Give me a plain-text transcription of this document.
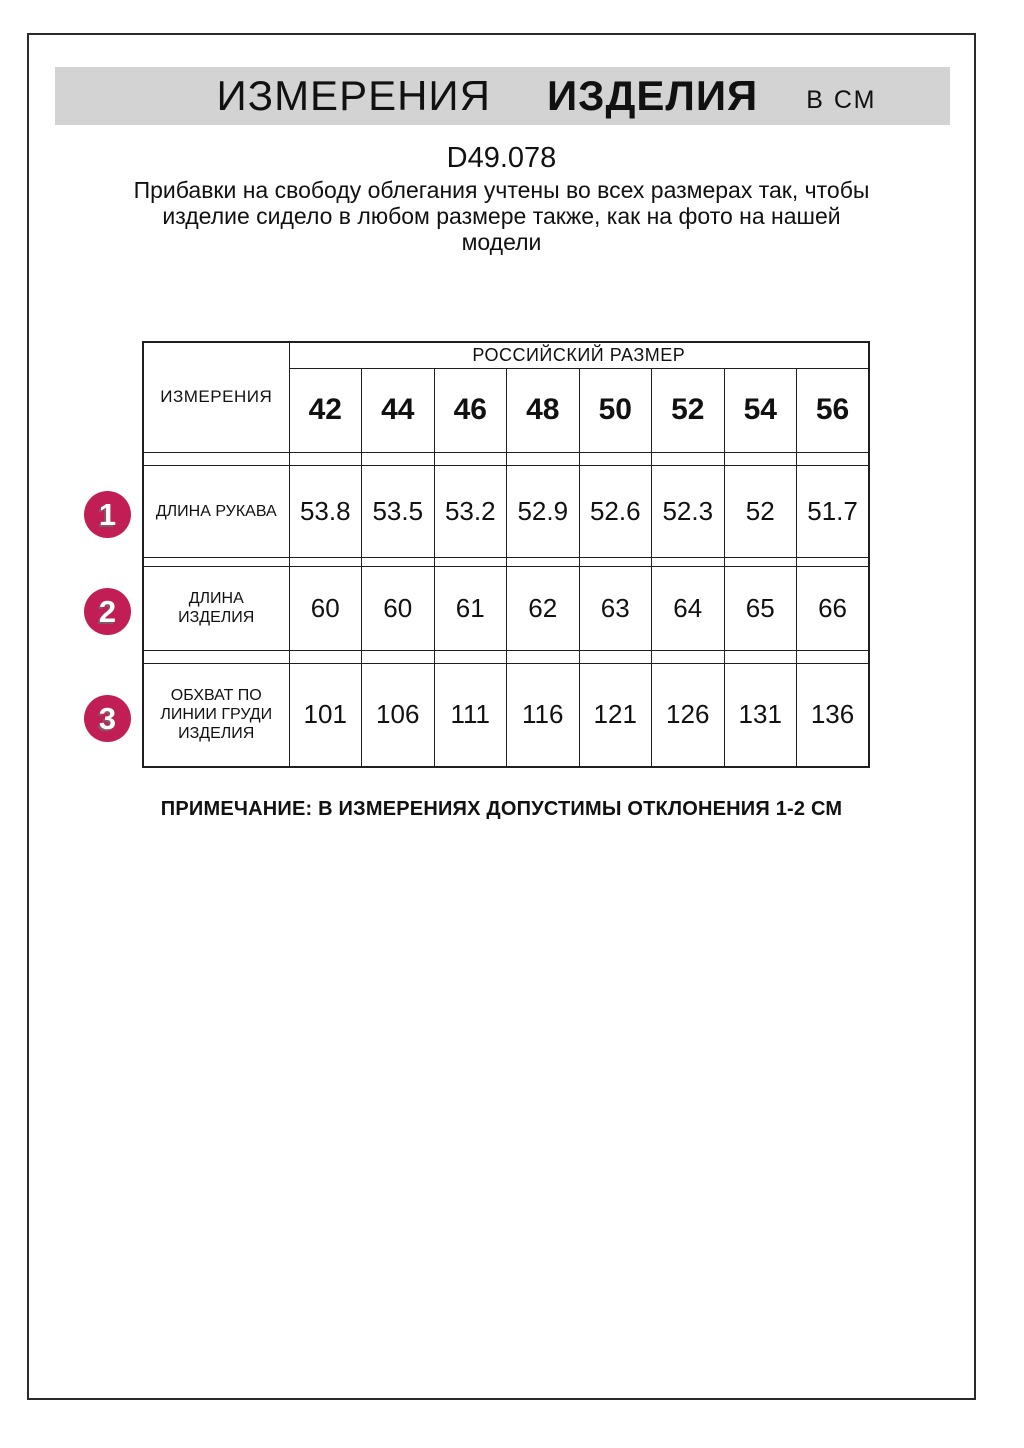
ИЗМЕРЕНИЯ ИЗДЕЛИЯ В СМ
D49.078
Прибавки на свободу облегания учтены во всех размерах так, чтобы
изделие сидело в любом размере также, как на фото на нашей
модели
ИЗМЕРЕНИЯ	РОССИЙСКИЙ РАЗМЕР							
	42	44	46	48	50	52	54	56

ДЛИНА РУКАВА	53.8	53.5	53.2	52.9	52.6	52.3	52	51.7

ДЛИНА
ИЗДЕЛИЯ	60	60	61	62	63	64	65	66

ОБХВАТ ПО
ЛИНИИ ГРУДИ
ИЗДЕЛИЯ	101	106	111	116	121	126	131	136
1
2
3
ПРИМЕЧАНИЕ: В ИЗМЕРЕНИЯХ ДОПУСТИМЫ ОТКЛОНЕНИЯ 1-2 СМ
